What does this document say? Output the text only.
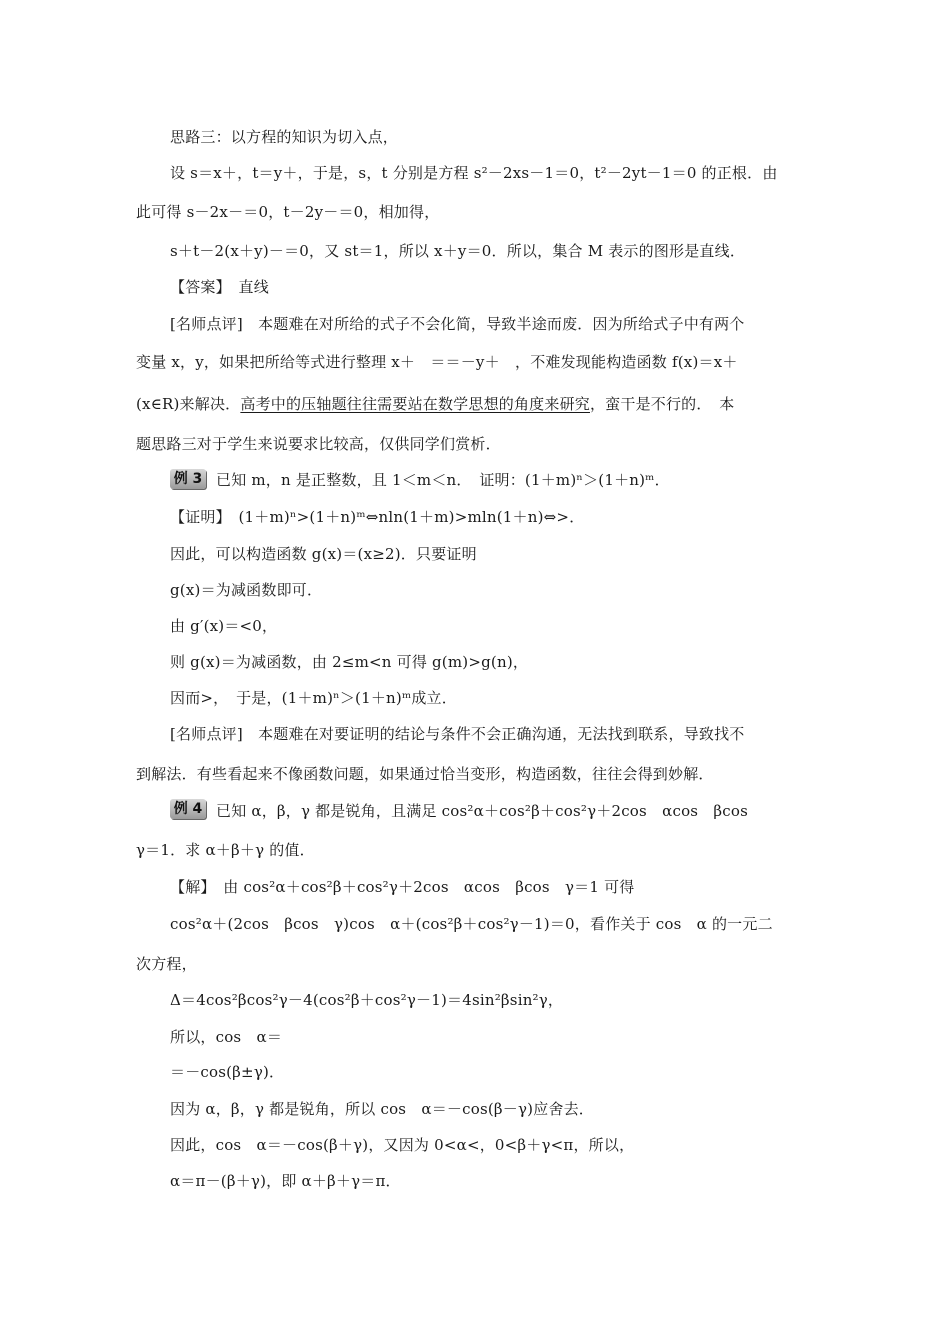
思路三：以方程的知识为切入点，
设 s＝x＋，t＝y＋，于是，s，t 分别是方程 s²－2xs－1＝0，t²－2yt－1＝0 的正根．由
此可得 s－2x－＝0，t－2y－＝0，相加得，
s＋t－2(x＋y)－＝0，又 st＝1，所以 x＋y＝0．所以，集合 M 表示的图形是直线．
【答案】　直线
[名师点评]　本题难在对所给的式子不会化简，导致半途而废．因为所给式子中有两个
变量 x，y，如果把所给等式进行整理 x＋　＝＝－y＋　，不难发现能构造函数 f(x)＝x＋
(x∈R)来解决．高考中的压轴题往往需要站在数学思想的角度来研究，蛮干是不行的．　本
题思路三对于学生来说要求比较高，仅供同学们赏析．
例 3 已知 m，n 是正整数，且 1＜m＜n．　证明：(1＋m)ⁿ＞(1＋n)ᵐ．
【证明】　(1＋m)ⁿ>(1＋n)ᵐ⇔nln(1＋m)>mln(1＋n)⇔>．
因此，可以构造函数 g(x)＝(x≥2)．只要证明
g(x)＝为减函数即可．
由 g′(x)＝<0，
则 g(x)＝为减函数，由 2≤m<n 可得 g(m)>g(n)，
因而>，　于是，(1＋m)ⁿ＞(1＋n)ᵐ成立．
[名师点评]　本题难在对要证明的结论与条件不会正确沟通，无法找到联系，导致找不
到解法．有些看起来不像函数问题，如果通过恰当变形，构造函数，往往会得到妙解．
例 4 已知 α，β，γ 都是锐角，且满足 cos²α＋cos²β＋cos²γ＋2cos　αcos　βcos
γ＝1．求 α＋β＋γ 的值．
【解】　由 cos²α＋cos²β＋cos²γ＋2cos　αcos　βcos　γ＝1 可得
cos²α＋(2cos　βcos　γ)cos　α＋(cos²β＋cos²γ－1)＝0，看作关于 cos　α 的一元二
次方程，
Δ＝4cos²βcos²γ－4(cos²β＋cos²γ－1)＝4sin²βsin²γ，
所以，cos　α＝
＝－cos(β±γ)．
因为 α，β，γ 都是锐角，所以 cos　α＝－cos(β－γ)应舍去．
因此，cos　α＝－cos(β＋γ)，又因为 0<α<，0<β＋γ<π，所以，
α＝π－(β＋γ)，即 α＋β＋γ＝π．
